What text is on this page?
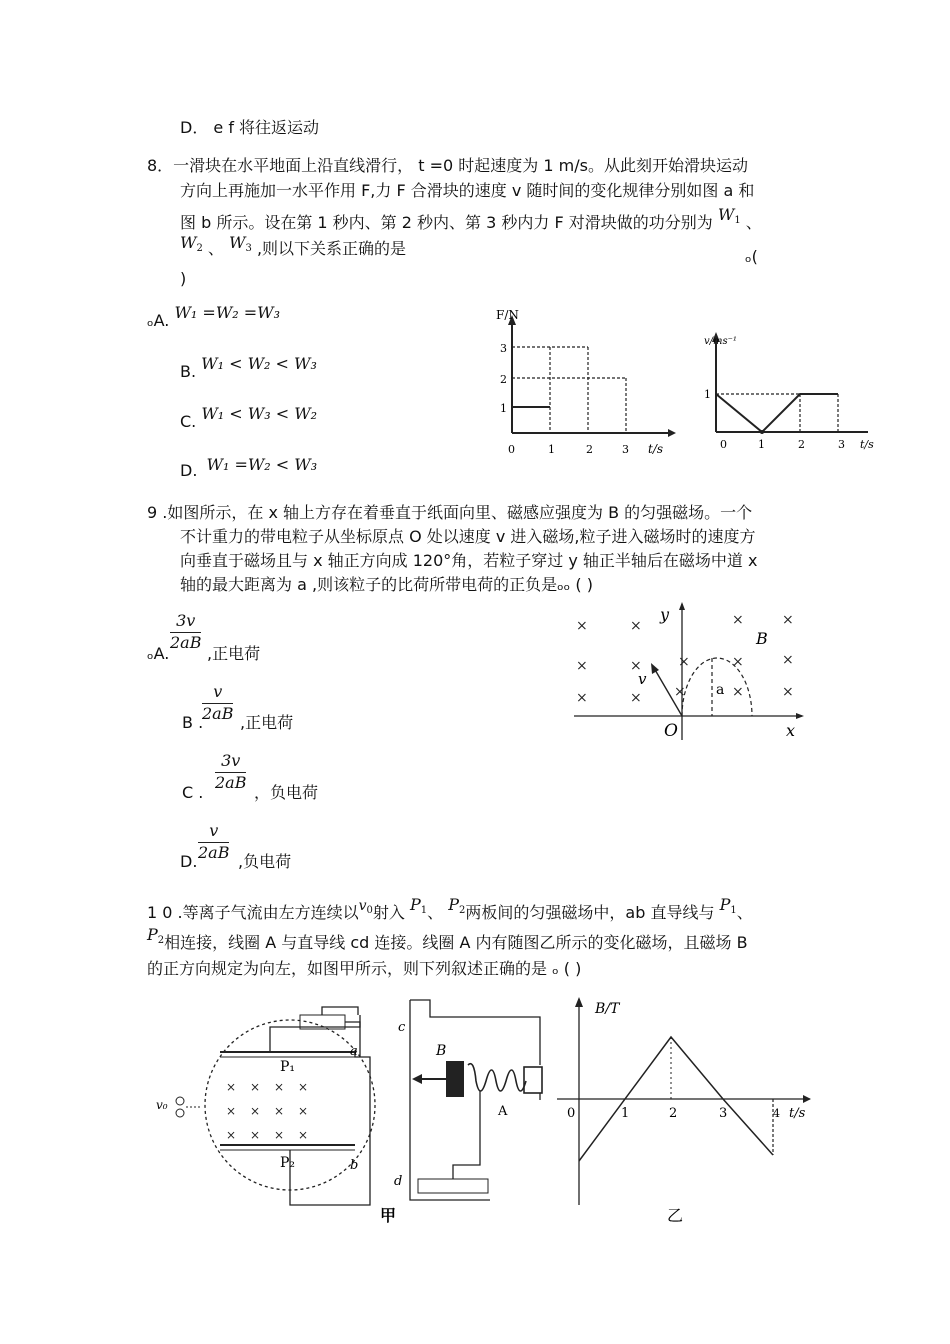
D． e f 将往返运动
8．一滑块在水平地面上沿直线滑行， t =0 时起速度为 1 m/s。从此刻开始滑块运动
方向上再施加一水平作用 F,力 F 合滑块的速度 v 随时间的变化规律分别如图 a 和
图 b 所示。设在第 1 秒内、第 2 秒内、第 3 秒内力 F 对滑块做的功分别为 $W_1$ 、
$W_2$ 、 $W_3$ ,则以下关系正确的是	ₒ(
)
ₒA. W₁ =W₂ =W₃
B. W₁ < W₂ < W₃
C. W₁ < W₃ < W₂
D. W₁ =W₂ < W₃
F/N
t/s
0	1	2	3
1
2
3
v/ms⁻¹
t/s
0	1	2	3
1
9 .如图所示，在 x 轴上方存在着垂直于纸面向里、磁感应强度为 B 的匀强磁场。一个
不计重力的带电粒子从坐标原点 O 处以速度 v 进入磁场,粒子进入磁场时的速度方
向垂直于磁场且与 x 轴正方向成 120°角，若粒子穿过 y 轴正半轴后在磁场中道 x
轴的最大距离为 a ,则该粒子的比荷所带电荷的正负是ₒₒ ( )
ₒA.
$\frac{3v}{2aB}$
,正电荷
B .
$\frac{v}{2aB}$ ,正电荷
C . $\frac{3v}{2aB}$ ，负电荷
D. $\frac{v}{2aB}$ ,负电荷
y
x
O
B
×	×	×	×
×	×	×	×	×
×	× ×	×	×
a
v
1 0 .等离子气流由左方连续以$v_0$射入 $P_1$、 $P_2$两板间的匀强磁场中，ab 直导线与 $P_1$、
$P_2$相连接，线圈 A 与直导线 cd 连接。线圈 A 内有随图乙所示的变化磁场，且磁场 B
的正方向规定为向左，如图甲所示，则下列叙述正确的是 ₒ ( )
P₁
P₂
× × × ×
× × × ×
× × × ×
v₀
a
b
c
d
B
A
甲
B/T
t/s
0	1	2	3	4
乙
